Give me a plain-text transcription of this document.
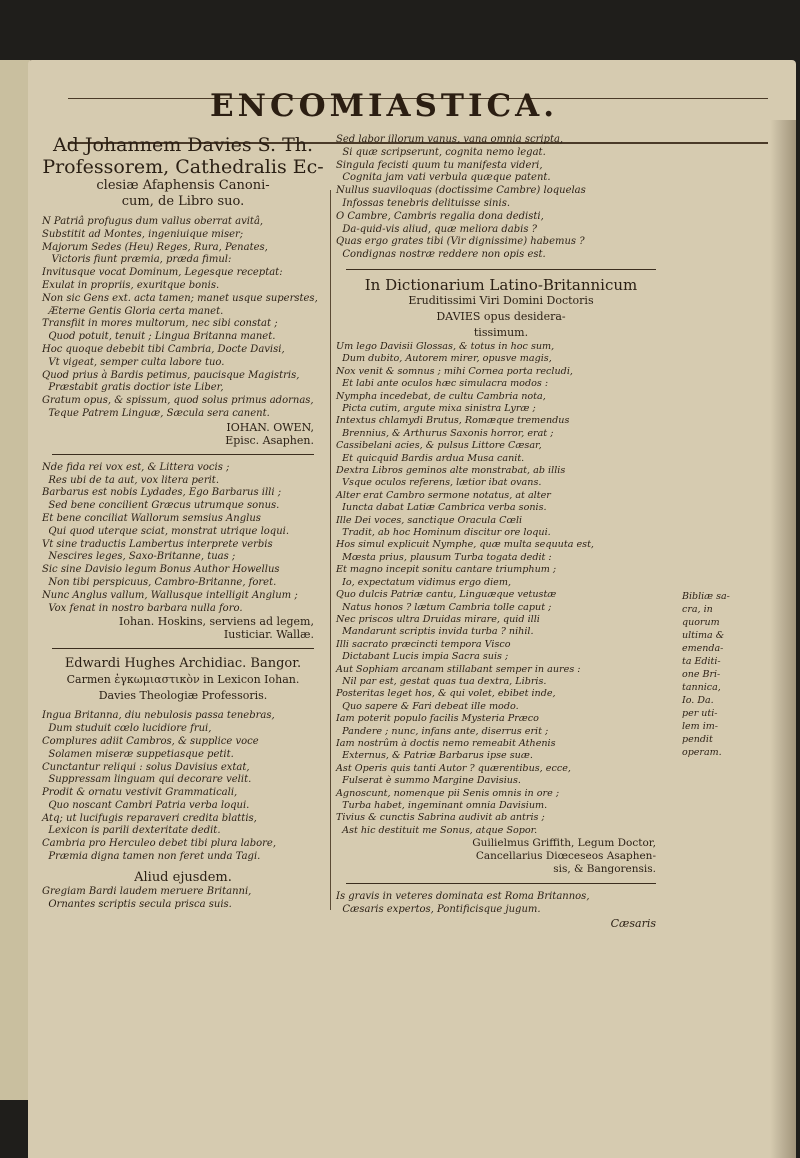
ENCOMIASTICA.
Ad Johannem Davies S. Th.
Professorem, Cathedralis Ec-
clesiæ Afaphensis Canoni-
cum, de Libro suo.
N Patriâ profugus dum vallus oberrat avitâ,
Substitit ad Montes, ingeniuique miser;
Majorum Sedes (Heu) Reges, Rura, Penates,
Victoris fiunt præmia, præda fimul:
Invitusque vocat Dominum, Legesque receptat:
Exulat in propriis, exuritque bonis.
Non sic Gens ext. acta tamen; manet usque superstes,
Æterne Gentis Gloria certa manet.
Transfiit in mores multorum, nec sibi constat ;
Quod potuit, tenuit ; Lingua Britanna manet.
Hoc quoque debebit tibi Cambria, Docte Davisi,
Vt vigeat, semper culta labore tuo.
Quod prius à Bardis petimus, paucisque Magistris,
Præstabit gratis doctior iste Liber,
Gratum opus, & spissum, quod solus primus adornas,
Teque Patrem Linguæ, Sæcula sera canent.
IOHAN. OWEN,
Episc. Asaphen.
Nde fida rei vox est, & Littera vocis ;
Res ubi de ta aut, vox litera perit.
Barbarus est nobis Lydades, Ego Barbarus illi ;
Sed bene concilient Græcus utrumque sonus.
Et bene conciliat Wallorum semsius Anglus
Qui quod uterque sciat, monstrat utrique loqui.
Vt sine traductis Lambertus interprete verbis
Nescires leges, Saxo-Britanne, tuas ;
Sic sine Davisio legum Bonus Author Howellus
Non tibi perspicuus, Cambro-Britanne, foret.
Nunc Anglus vallum, Wallusque intelligit Anglum ;
Vox fenat in nostro barbara nulla foro.
Iohan. Hoskins, serviens ad legem,
Iusticiar. Wallæ.
Edwardi Hughes Archidiac. Bangor.
Carmen ἐγκωμιαστικὸν in Lexicon Iohan.
Davies Theologiæ Professoris.
Ingua Britanna, diu nebulosis passa tenebras,
Dum studuit cœlo lucidiore frui,
Complures adiit Cambros, & supplice voce
Solamen miseræ suppetiasque petit.
Cunctantur reliqui : solus Davisius extat,
Suppressam linguam qui decorare velit.
Prodit & ornatu vestivit Grammaticali,
Quo noscant Cambri Patria verba loqui.
Atq; ut lucifugis reparaveri credita blattis,
Lexicon is parili dexteritate dedit.
Cambria pro Herculeo debet tibi plura labore,
Præmia digna tamen non feret unda Tagi.
Aliud ejusdem.
Gregiam Bardi laudem meruere Britanni,
Ornantes scriptis secula prisca suis.
Sed labor illorum vanus, vana omnia scripta,
Si quæ scripserunt, cognita nemo legat.
Singula fecisti quum tu manifesta videri,
Cognita jam vati verbula quæque patent.
Nullus suaviloquas (doctissime Cambre) loquelas
Infossas tenebris delituisse sinis.
O Cambre, Cambris regalia dona dedisti,
Da-quid-vis aliud, quæ meliora dabis ?
Quas ergo grates tibi (Vir dignissime) habemus ?
Condignas nostræ reddere non opis est.
In Dictionarium Latino-Britannicum
Eruditissimi Viri Domini Doctoris
DAVIES opus desidera-
tissimum.
Um lego Davisii Glossas, & totus in hoc sum,
Dum dubito, Autorem mirer, opusve magis,
Nox venit & somnus ; mihi Cornea porta recludi,
Et labi ante oculos hæc simulacra modos :
Nympha incedebat, de cultu Cambria nota,
Picta cutim, argute mixa sinistra Lyræ ;
Intextus chlamydi Brutus, Romæque tremendus
Brennius, & Arthurus Saxonis horror, erat ;
Cassibelani acies, & pulsus Littore Cæsar,
Et quicquid Bardis ardua Musa canit.
Dextra Libros geminos alte monstrabat, ab illis
Vsque oculos referens, lætior ibat ovans.
Alter erat Cambro sermone notatus, at alter
Iuncta dabat Latiæ Cambrica verba sonis.
Ille Dei voces, sanctique Oracula Cœli
Tradit, ab hoc Hominum discitur ore loqui.
Hos simul explicuit Nymphe, quæ multa sequuta est,
Mœsta prius, plausum Turba togata dedit :
Et magno incepit sonitu cantare triumphum ;
Io, expectatum vidimus ergo diem,
Quo dulcis Patriæ cantu, Linguæque vetustæ
Natus honos ? lætum Cambria tolle caput ;
Nec priscos ultra Druidas mirare, quid illi
Mandarunt scriptis invida turba ? nihil.
Illi sacrato præcincti tempora Visco
Dictabant Lucis impia Sacra suis ;
Aut Sophiam arcanam stillabant semper in aures :
Nil par est, gestat quas tua dextra, Libris.
Posteritas leget hos, & qui volet, ebibet inde,
Quo sapere & Fari debeat ille modo.
Iam poterit populo facilis Mysteria Præco
Pandere ; nunc, infans ante, diserrus erit ;
Iam nostrûm à doctis nemo remeabit Athenis
Externus, & Patriæ Barbarus ipse suæ.
Ast Operis quis tanti Autor ? quærentibus, ecce,
Fulserat è summo Margine Davisius.
Agnoscunt, nomenque pii Senis omnis in ore ;
Turba habet, ingeminant omnia Davisium.
Tivius & cunctis Sabrina audivit ab antris ;
Ast hic destituit me Sonus, atque Sopor.
Guilielmus Griffith, Legum Doctor,
Cancellarius Diœceseos Asaphen-
sis, & Bangorensis.
Is gravis in veteres dominata est Roma Britannos,
Cæsaris expertos, Pontificisque jugum.
Cæsaris
Bibliæ sa-
cra, in
quorum
ultima &
emenda-
ta Editi-
one Bri-
tannica,
Io. Da.
per uti-
lem im-
pendit
operam.
